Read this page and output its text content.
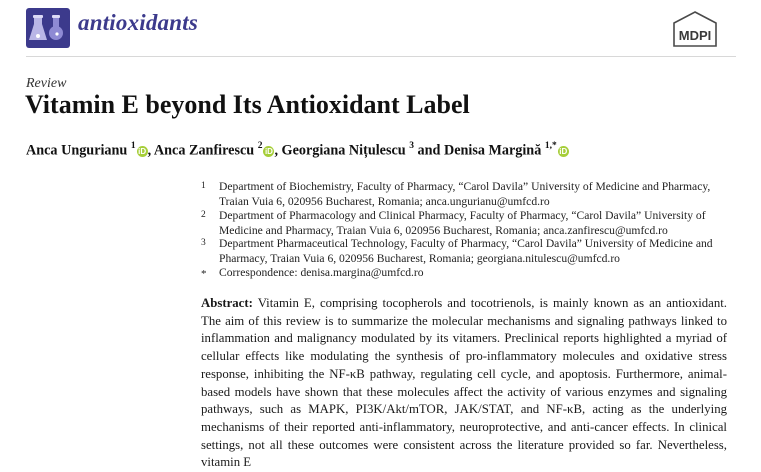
antioxidants
MDPI
Review
Vitamin E beyond Its Antioxidant Label
Anca Ungurianu $^1$iD , Anca Zanfirescu $^2$iD , Georgiana Nițulescu $^3$ and Denisa Margină $^{1,*}$iD
1 Department of Biochemistry, Faculty of Pharmacy, “Carol Davila” University of Medicine and Pharmacy, Traian Vuia 6, 020956 Bucharest, Romania; anca.ungurianu@umfcd.ro
2 Department of Pharmacology and Clinical Pharmacy, Faculty of Pharmacy, “Carol Davila” University of Medicine and Pharmacy, Traian Vuia 6, 020956 Bucharest, Romania; anca.zanfirescu@umfcd.ro
3 Department Pharmaceutical Technology, Faculty of Pharmacy, “Carol Davila” University of Medicine and Pharmacy, Traian Vuia 6, 020956 Bucharest, Romania; georgiana.nitulescu@umfcd.ro
* Correspondence: denisa.margina@umfcd.ro

Abstract: Vitamin E, comprising tocopherols and tocotrienols, is mainly known as an antioxidant. The aim of this review is to summarize the molecular mechanisms and signaling pathways linked to inflammation and malignancy modulated by its vitamers. Preclinical reports highlighted a myriad of cellular effects like modulating the synthesis of pro-inflammatory molecules and oxidative stress response, inhibiting the NF-κB pathway, regulating cell cycle, and apoptosis. Furthermore, animal-based models have shown that these molecules affect the activity of various enzymes and signaling pathways, such as MAPK, PI3K/Akt/mTOR, JAK/STAT, and NF-κB, acting as the underlying mechanisms of their reported anti-inflammatory, neuroprotective, and anti-cancer effects. In clinical settings, not all these outcomes were consistent across the literature provided so far. Nevertheless, vitamin E
